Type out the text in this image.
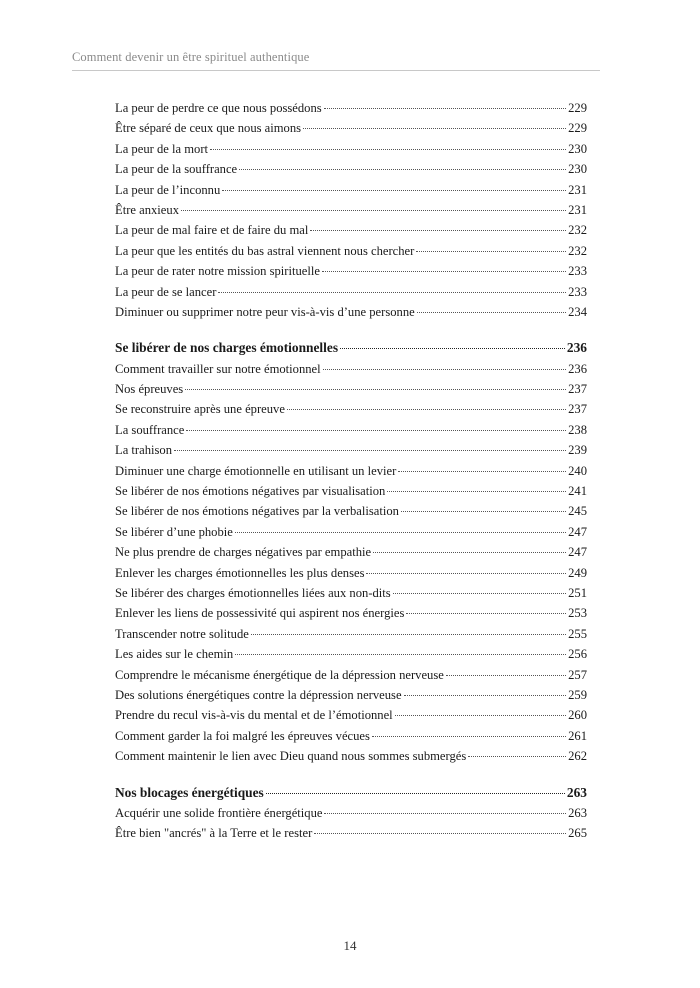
Comment devenir un être spirituel authentique
La peur de perdre ce que nous possédons	229
Être séparé de ceux que nous aimons	229
La peur de la mort	230
La peur de la souffrance	230
La peur de l’inconnu	231
Être anxieux	231
La peur de mal faire et de faire du mal	232
La peur que les entités du bas astral viennent nous chercher	232
La peur de rater notre mission spirituelle	233
La peur de se lancer	233
Diminuer ou supprimer notre peur vis-à-vis d’une personne	234
Se libérer de nos charges émotionnelles	236
Comment travailler sur notre émotionnel	236
Nos épreuves	237
Se reconstruire après une épreuve	237
La souffrance	238
La trahison	239
Diminuer une charge émotionnelle en utilisant un levier	240
Se libérer de nos émotions négatives par visualisation	241
Se libérer de nos émotions négatives par la verbalisation	245
Se libérer d’une phobie	247
Ne plus prendre de charges négatives par empathie	247
Enlever les charges émotionnelles les plus denses	249
Se libérer des charges émotionnelles liées aux non-dits	251
Enlever les liens de possessivité qui aspirent nos énergies	253
Transcender notre solitude	255
Les aides sur le chemin	256
Comprendre le mécanisme énergétique de la dépression nerveuse	257
Des solutions énergétiques contre la dépression nerveuse	259
Prendre du recul vis-à-vis du mental et de l’émotionnel	260
Comment garder la foi malgré les épreuves vécues	261
Comment maintenir le lien avec Dieu quand nous sommes submergés	262
Nos blocages énergétiques	263
Acquérir une solide frontière énergétique	263
Être bien "ancrés" à la Terre et le rester	265
14
